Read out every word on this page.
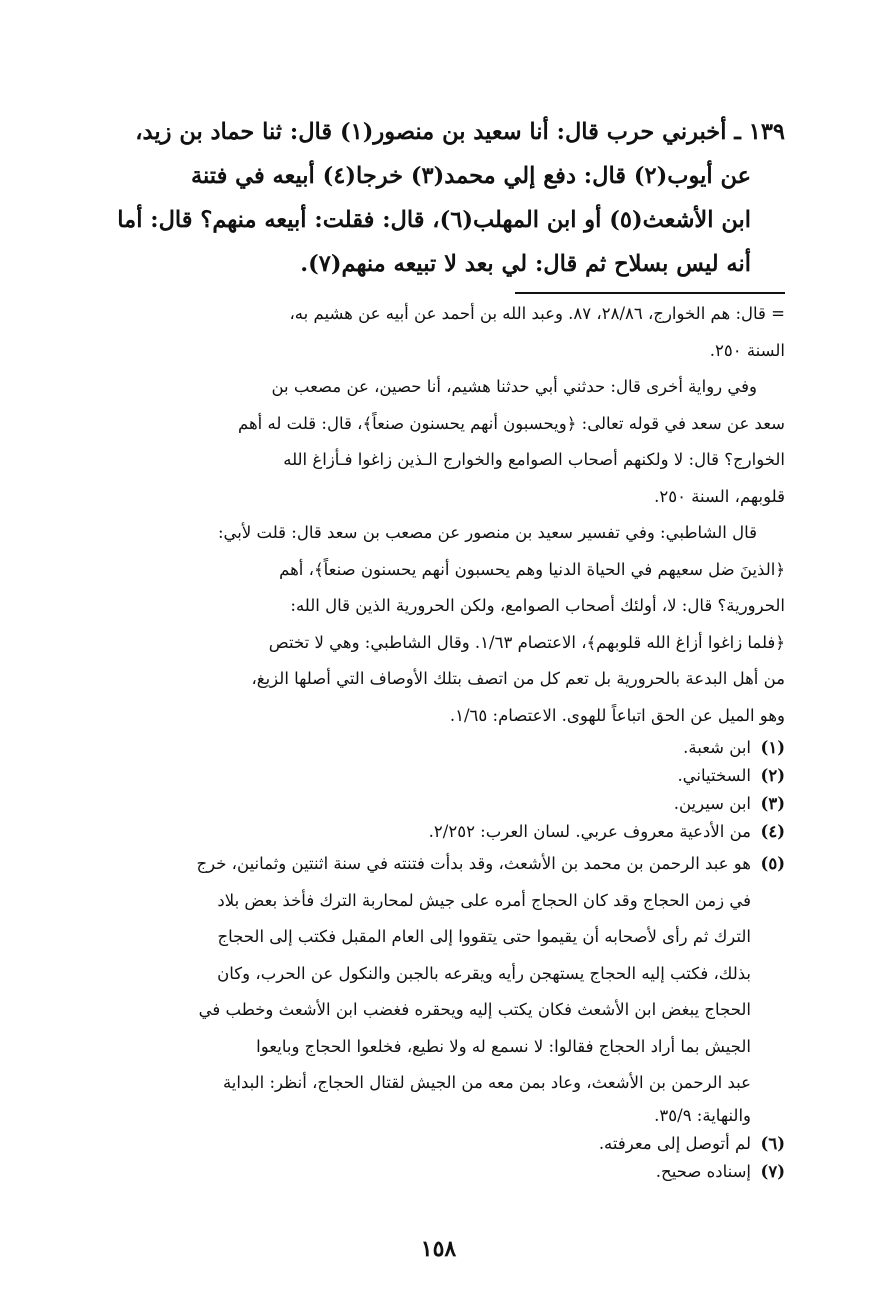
١٣٩ ـ أخبرني حرب قال: أنا سعيد بن منصور(١) قال: ثنا حماد بن زيد،
عن أيوب(٢) قال: دفع إلي محمد(٣) خرجا(٤) أبيعه في فتنة
ابن الأشعث(٥) أو ابن المهلب(٦)، قال: فقلت: أبيعه منهم؟ قال: أما
أنه ليس بسلاح ثم قال: لي بعد لا تبيعه منهم(٧).
= قال: هم الخوارج، ٢٨/٨٦، ٨٧. وعبد الله بن أحمد عن أبيه عن هشيم به،
السنة ٢٥٠.
وفي رواية أخرى قال: حدثني أبي حدثنا هشيم، أنا حصين، عن مصعب بن
سعد عن سعد في قوله تعالى: ﴿ويحسبون أنهم يحسنون صنعاً﴾، قال: قلت له أهم
الخوارج؟ قال: لا ولكنهم أصحاب الصوامع والخوارج الـذين زاغوا فـأزاغ الله
قلوبهم، السنة ٢٥٠.
قال الشاطبي: وفي تفسير سعيد بن منصور عن مصعب بن سعد قال: قلت لأبي:
﴿الذينَ ضل سعيهم في الحياة الدنيا وهم يحسبون أنهم يحسنون صنعاً﴾، أهم
الحرورية؟ قال: لا، أولئك أصحاب الصوامع، ولكن الحرورية الذين قال الله:
﴿فلما زاغوا أزاغ الله قلوبهم﴾، الاعتصام ١/٦٣. وقال الشاطبي: وهي لا تختص
من أهل البدعة بالحرورية بل تعم كل من اتصف بتلك الأوصاف التي أصلها الزيغ،
وهو الميل عن الحق اتباعاً للهوى. الاعتصام: ١/٦٥.
(١)
ابن شعبة.
(٢)
السختياني.
(٣)
ابن سيرين.
(٤)
من الأدعية معروف عربي. لسان العرب: ٢/٢٥٢.
(٥)
هو عبد الرحمن بن محمد بن الأشعث، وقد بدأت فتنته في سنة اثنتين وثمانين، خرج
في زمن الحجاج وقد كان الحجاج أمره على جيش لمحاربة الترك فأخذ بعض بلاد
الترك ثم رأى لأصحابه أن يقيموا حتى يتقووا إلى العام المقبل فكتب إلى الحجاج
بذلك، فكتب إليه الحجاج يستهجن رأيه ويقرعه بالجبن والنكول عن الحرب، وكان
الحجاج يبغض ابن الأشعث فكان يكتب إليه ويحقره فغضب ابن الأشعث وخطب في
الجيش بما أراد الحجاج فقالوا: لا نسمع له ولا نطيع، فخلعوا الحجاج وبايعوا
عبد الرحمن بن الأشعث، وعاد بمن معه من الجيش لقتال الحجاج، أنظر: البداية
والنهاية: ٣٥/٩.
(٦)
لم أتوصل إلى معرفته.
(٧)
إسناده صحيح.
١٥٨
